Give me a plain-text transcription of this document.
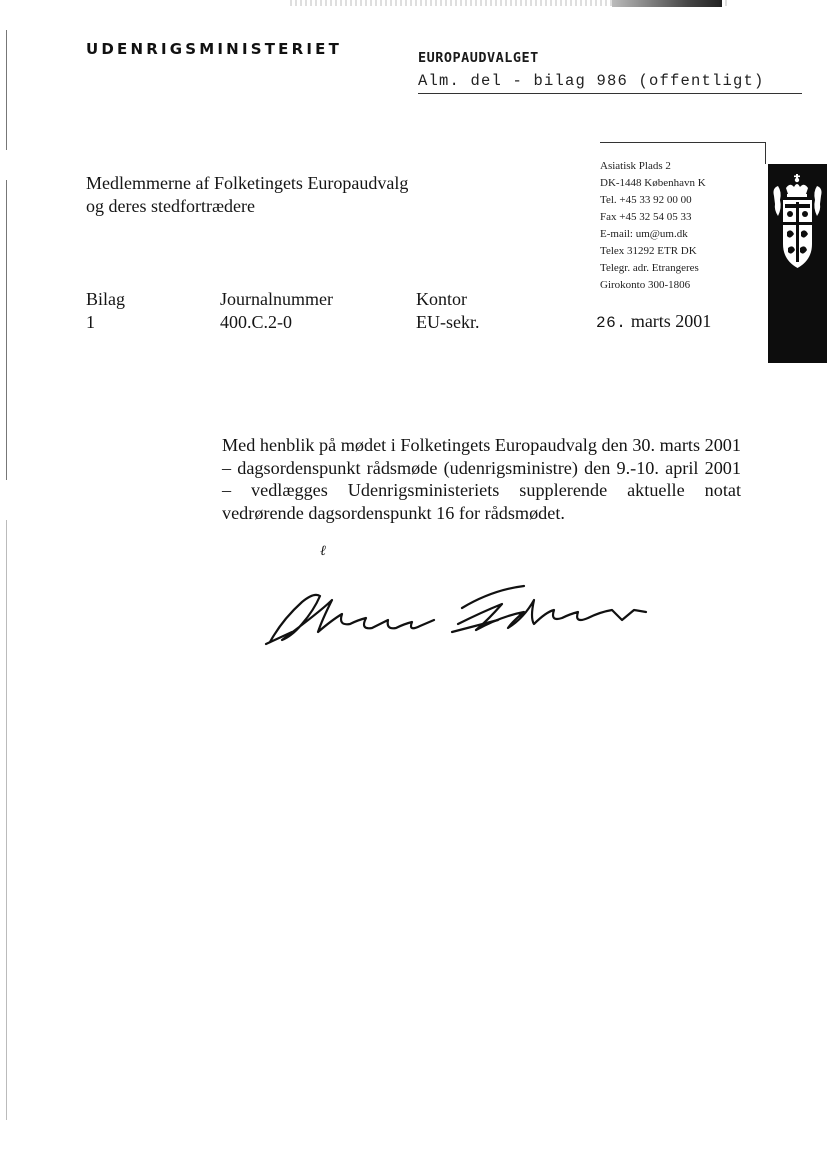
UDENRIGSMINISTERIET	EUROPAUDVALGET
Alm. del - bilag 986 (offentligt)
Medlemmerne af Folketingets Europaudvalg
og deres stedfortrædere
Asiatisk Plads 2
DK-1448 København K
Tel. +45 33 92 00 00
Fax +45 32 54 05 33
E-mail: um@um.dk
Telex 31292 ETR DK
Telegr. adr. Etrangeres
Girokonto 300-1806
Bilag
1
Journalnummer
400.C.2-0
Kontor
EU-sekr.	26. marts 2001
Med henblik på mødet i Folketingets Europaudvalg den 30. marts 2001 – dagsordenspunkt rådsmøde (udenrigsministre) den 9.-10. april 2001 – vedlægges Udenrigsministeriets supplerende aktuelle notat vedrørende dagsordenspunkt 16 for rådsmødet.
ℓ
